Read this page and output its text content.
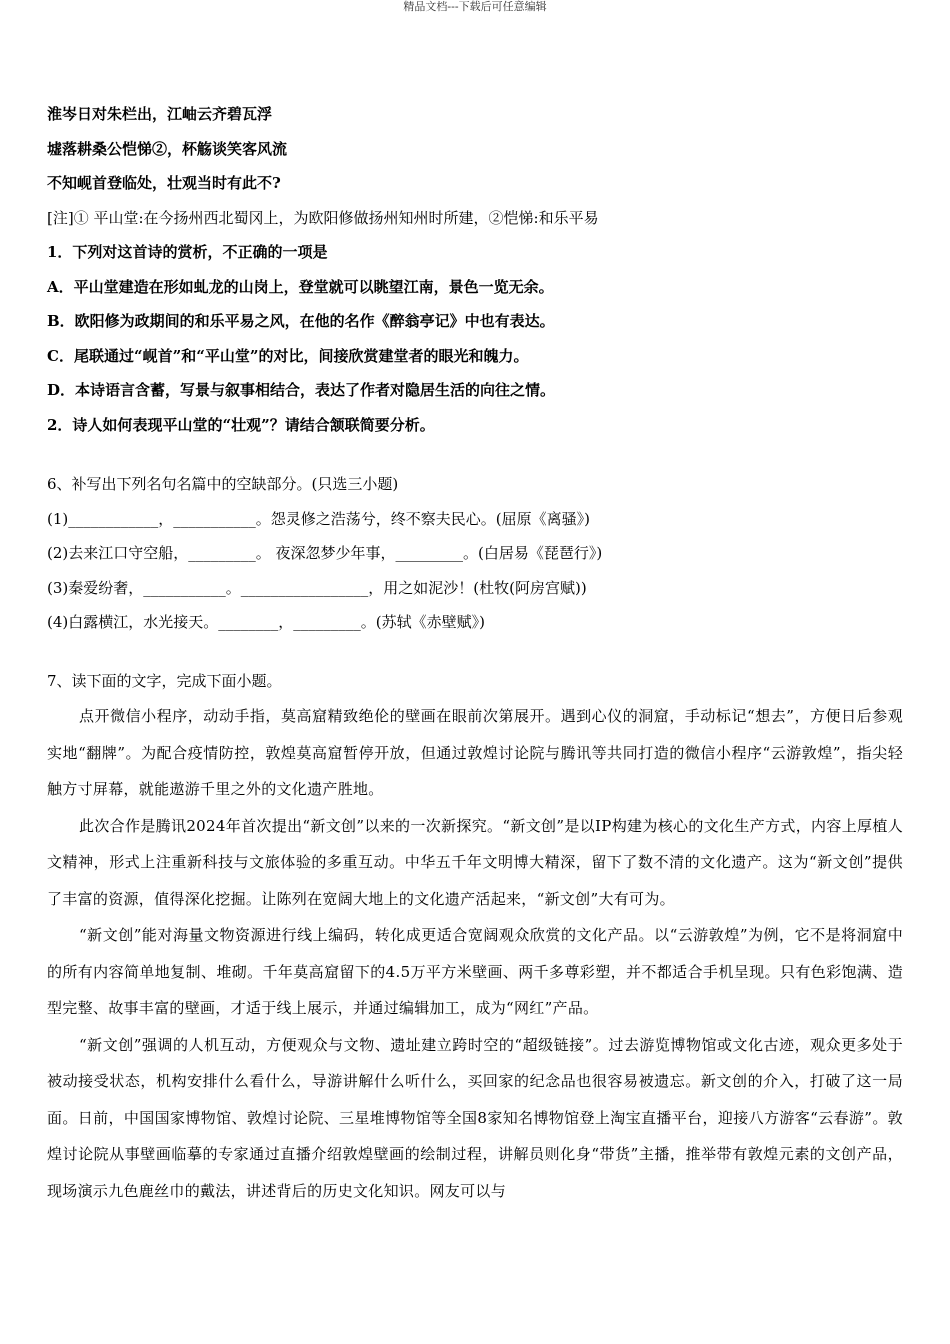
精品文档---下载后可任意编辑
淮岑日对朱栏出，江岫云齐碧瓦浮
墟落耕桑公恺悌②，杯觞谈笑客风流
不知岘首登临处，壮观当时有此不?
[注]① 平山堂:在今扬州西北蜀冈上，为欧阳修做扬州知州时所建，②恺悌:和乐平易
1．下列对这首诗的赏析，不正确的一项是
A．平山堂建造在形如虬龙的山岗上，登堂就可以眺望江南，景色一览无余。
B．欧阳修为政期间的和乐平易之风，在他的名作《醉翁亭记》中也有表达。
C．尾联通过“岘首”和“平山堂”的对比，间接欣赏建堂者的眼光和魄力。
D．本诗语言含蓄，写景与叙事相结合，表达了作者对隐居生活的向往之情。
2．诗人如何表现平山堂的“壮观”？请结合颔联简要分析。
6、补写出下列名句名篇中的空缺部分。(只选三小题)
(1)____________，___________。怨灵修之浩荡兮，终不察夫民心。(屈原《离骚》)
(2)去来江口守空船，_________。 夜深忽梦少年事，_________。(白居易《琵琶行》)
(3)秦爱纷奢，___________。_________________，用之如泥沙！(杜牧(阿房宫赋))
(4)白露横江，水光接天。________，_________。(苏轼《赤壁赋》)
7、读下面的文字，完成下面小题。
点开微信小程序，动动手指，莫高窟精致绝伦的壁画在眼前次第展开。遇到心仪的洞窟，手动标记“想去”，方便日后参观实地“翻牌”。为配合疫情防控，敦煌莫高窟暂停开放，但通过敦煌讨论院与腾讯等共同打造的微信小程序“云游敦煌”，指尖轻触方寸屏幕，就能遨游千里之外的文化遗产胜地。
此次合作是腾讯2024年首次提出“新文创”以来的一次新探究。“新文创”是以IP构建为核心的文化生产方式，内容上厚植人文精神，形式上注重新科技与文旅体验的多重互动。中华五千年文明博大精深，留下了数不清的文化遗产。这为“新文创”提供了丰富的资源，值得深化挖掘。让陈列在宽阔大地上的文化遗产活起来，“新文创”大有可为。
“新文创”能对海量文物资源进行线上编码，转化成更适合宽阔观众欣赏的文化产品。以“云游敦煌”为例，它不是将洞窟中的所有内容简单地复制、堆砌。千年莫高窟留下的4.5万平方米壁画、两千多尊彩塑，并不都适合手机呈现。只有色彩饱满、造型完整、故事丰富的壁画，才适于线上展示，并通过编辑加工，成为“网红”产品。
“新文创”强调的人机互动，方便观众与文物、遗址建立跨时空的“超级链接”。过去游览博物馆或文化古迹，观众更多处于被动接受状态，机构安排什么看什么，导游讲解什么听什么，买回家的纪念品也很容易被遗忘。新文创的介入，打破了这一局面。日前，中国国家博物馆、敦煌讨论院、三星堆博物馆等全国8家知名博物馆登上淘宝直播平台，迎接八方游客“云春游”。敦煌讨论院从事壁画临摹的专家通过直播介绍敦煌壁画的绘制过程，讲解员则化身“带货”主播，推举带有敦煌元素的文创产品，现场演示九色鹿丝巾的戴法，讲述背后的历史文化知识。网友可以与
